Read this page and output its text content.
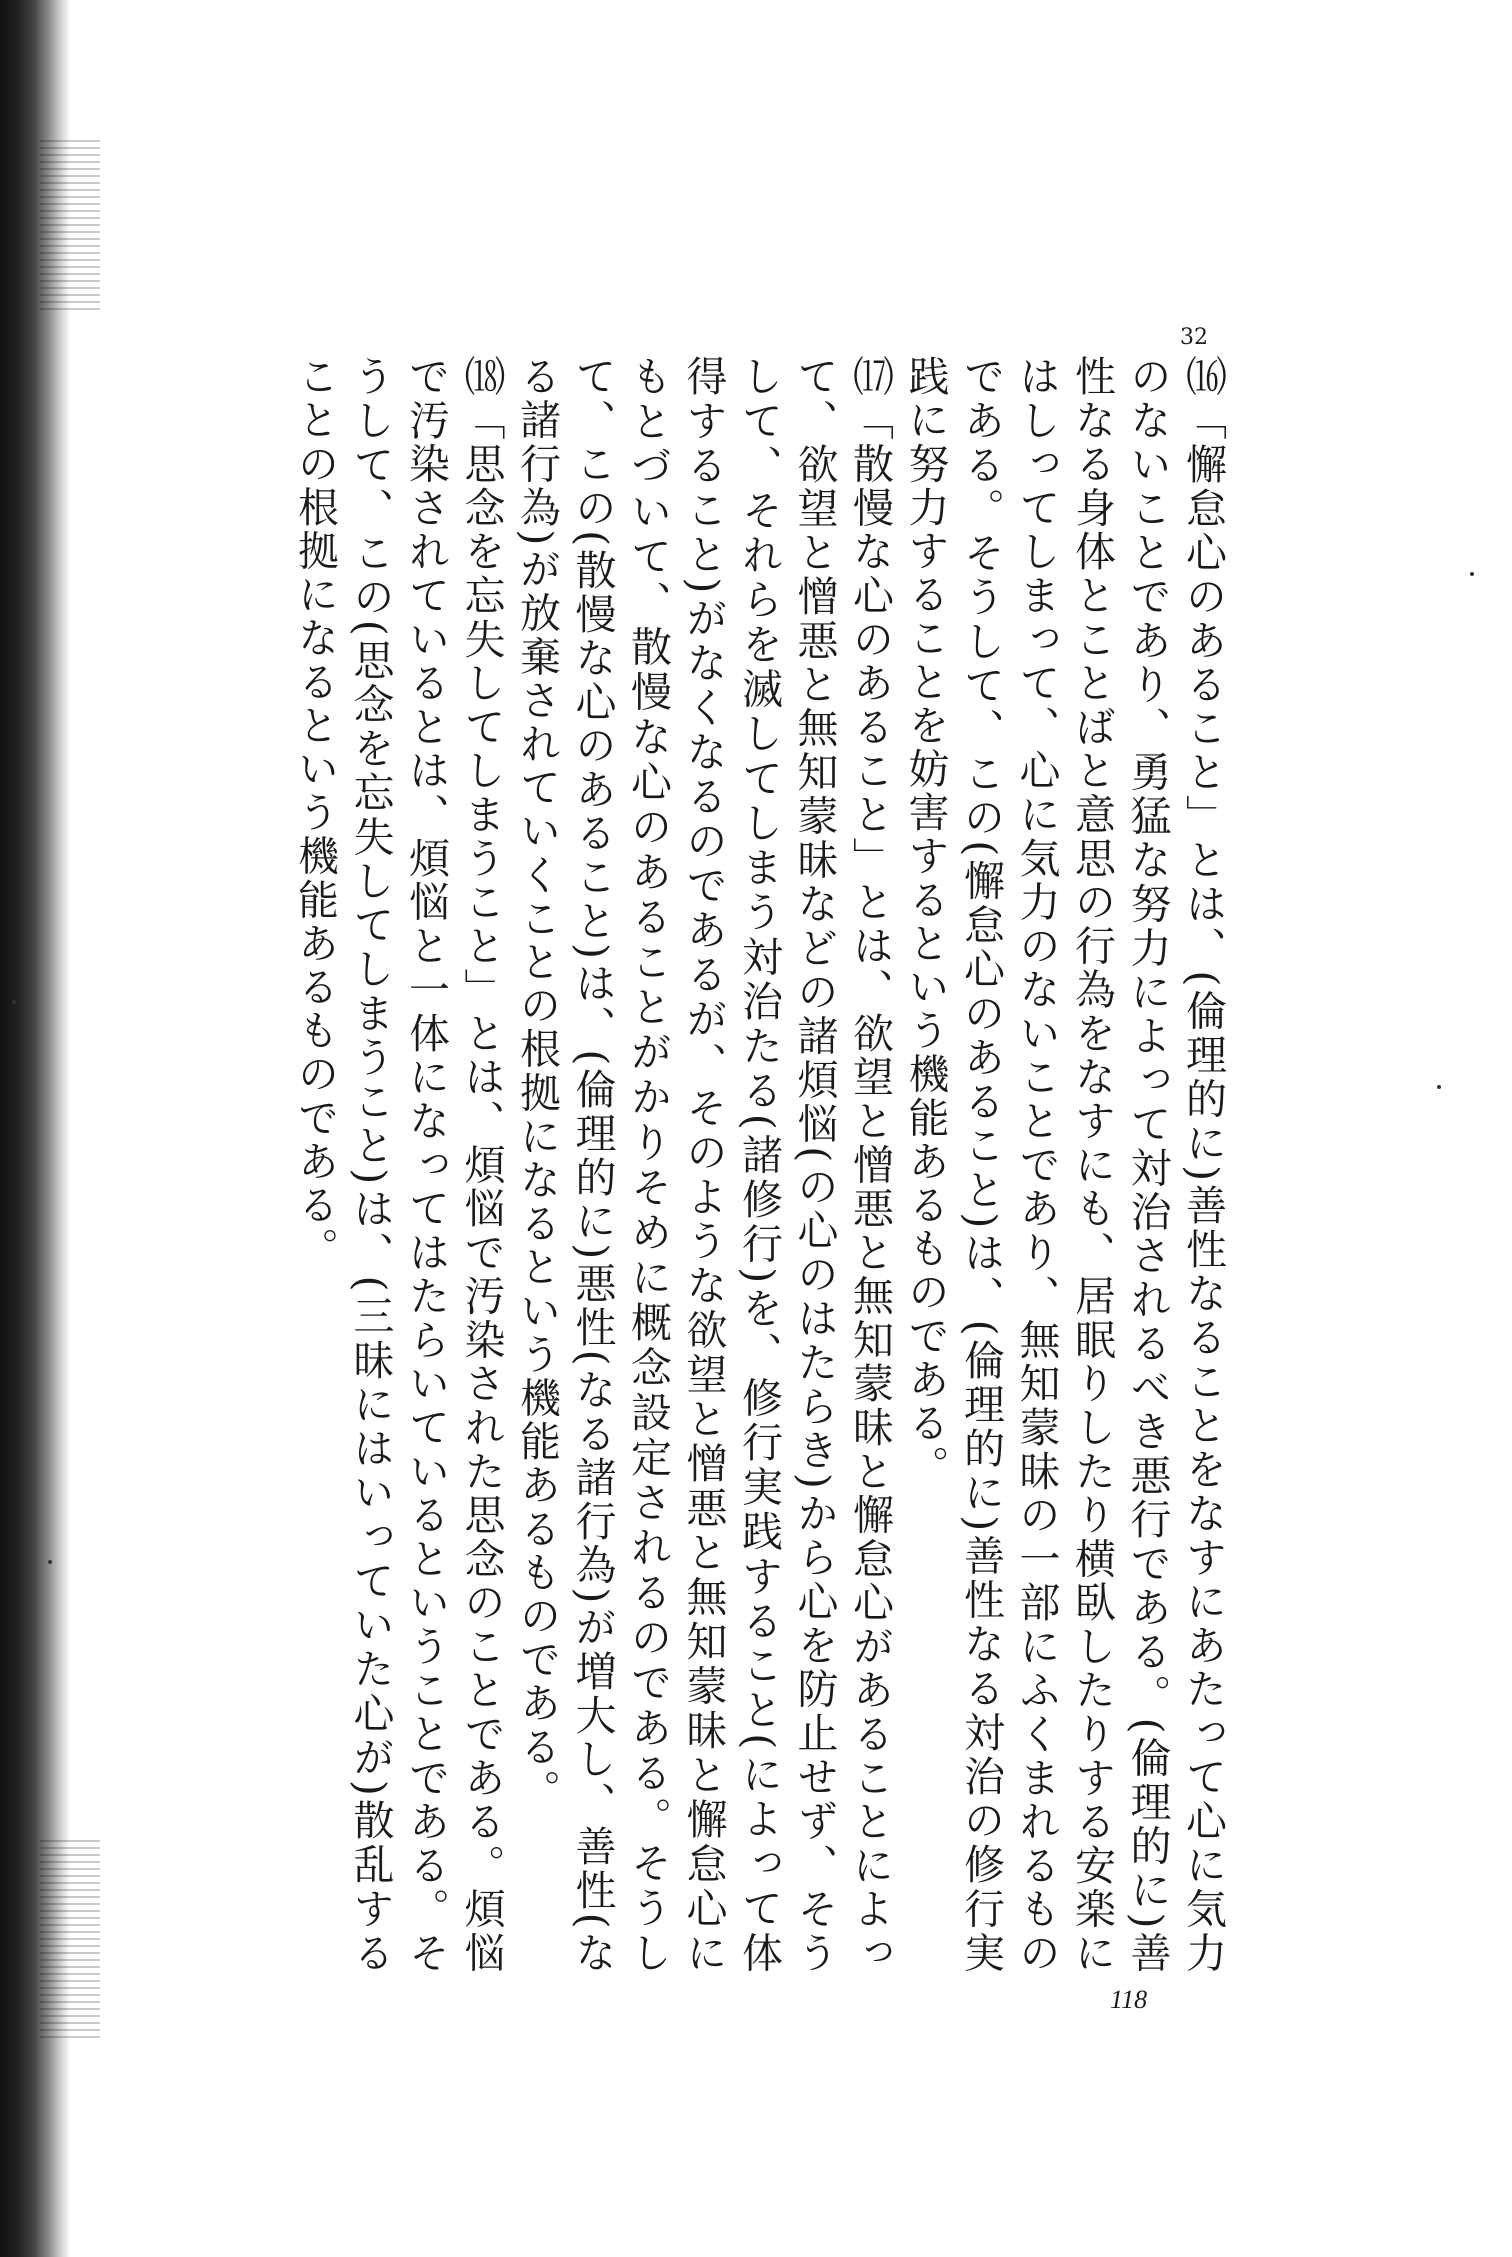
32

⒃「懈怠心のあること」とは、(倫理的に)善性なることをなすにあたって心に気力のないことであり、勇猛な努力によって対治されるべき悪行である。(倫理的に)善性なる身体とことばと意思の行為をなすにも、居眠りしたり横臥したりする安楽にはしってしまって、心に気力のないことであり、無知蒙昧の一部にふくまれるものである。そうして、この(懈怠心のあること)は、(倫理的に)善性なる対治の修行実践に努力することを妨害するという機能あるものである。

⒄「散慢な心のあること」とは、欲望と憎悪と無知蒙昧と懈怠心があることによって、欲望と憎悪と無知蒙昧などの諸煩悩(の心のはたらき)から心を防止せず、そうして、それらを滅してしまう対治たる(諸修行)を、修行実践すること(によって体得すること)がなくなるのであるが、そのような欲望と憎悪と無知蒙昧と懈怠心にもとづいて、散慢な心のあることがかりそめに概念設定されるのである。そうして、この(散慢な心のあること)は、(倫理的に)悪性(なる諸行為)が増大し、善性(なる諸行為)が放棄されていくことの根拠になるという機能あるものである。

⒅「思念を忘失してしまうこと」とは、煩悩で汚染された思念のことである。煩悩で汚染されているとは、煩悩と一体になってはたらいているということである。そうして、この(思念を忘失してしまうこと)は、(三昧にはいっていた心が)散乱することの根拠になるという機能あるものである。

118
